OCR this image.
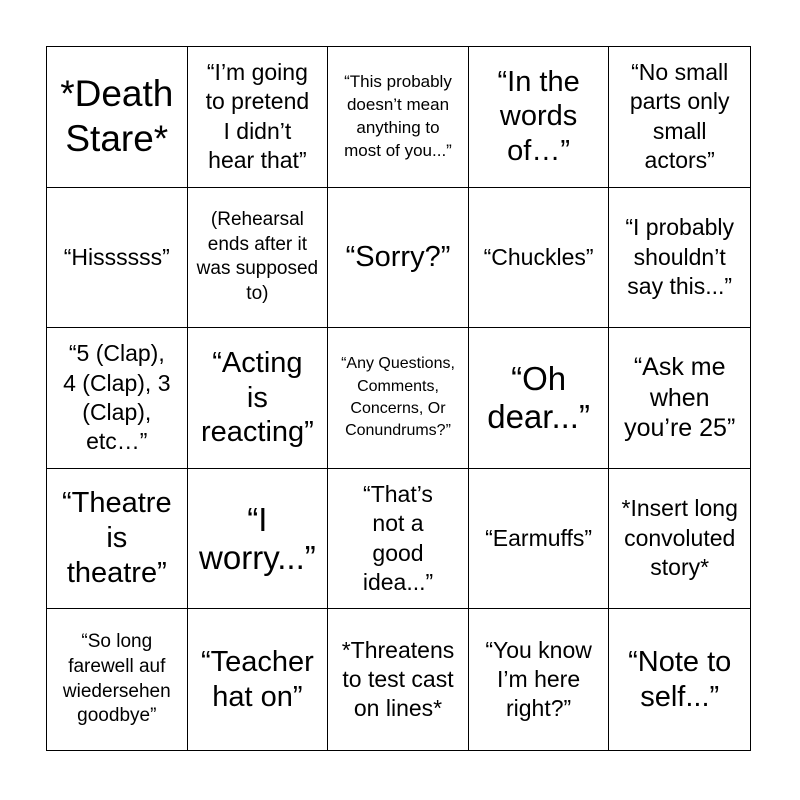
*Death Stare*
“I’m going to pretend I didn’t hear that”
“This probably doesn’t mean anything to most of you...”
“In the words of…”
“No small parts only small actors”
“Hissssss”
(Rehearsal ends after it was supposed to)
“Sorry?” “Chuckles”
“I probably shouldn’t say this...”
“5 (Clap), 4 (Clap), 3 (Clap), etc…”
“Acting is reacting”
“Any Questions, Comments, Concerns, Or Conundrums?”
“Oh dear...”
“Ask me when you’re 25”
“Theatre is theatre”
“I worry...”
“That’s not a good idea...”
“Earmuffs”
*Insert long convoluted story*
“So long farewell auf wiedersehen goodbye”
“Teacher hat on”
*Threatens to test cast on lines*
“You know I’m here right?”
“Note to self...”
